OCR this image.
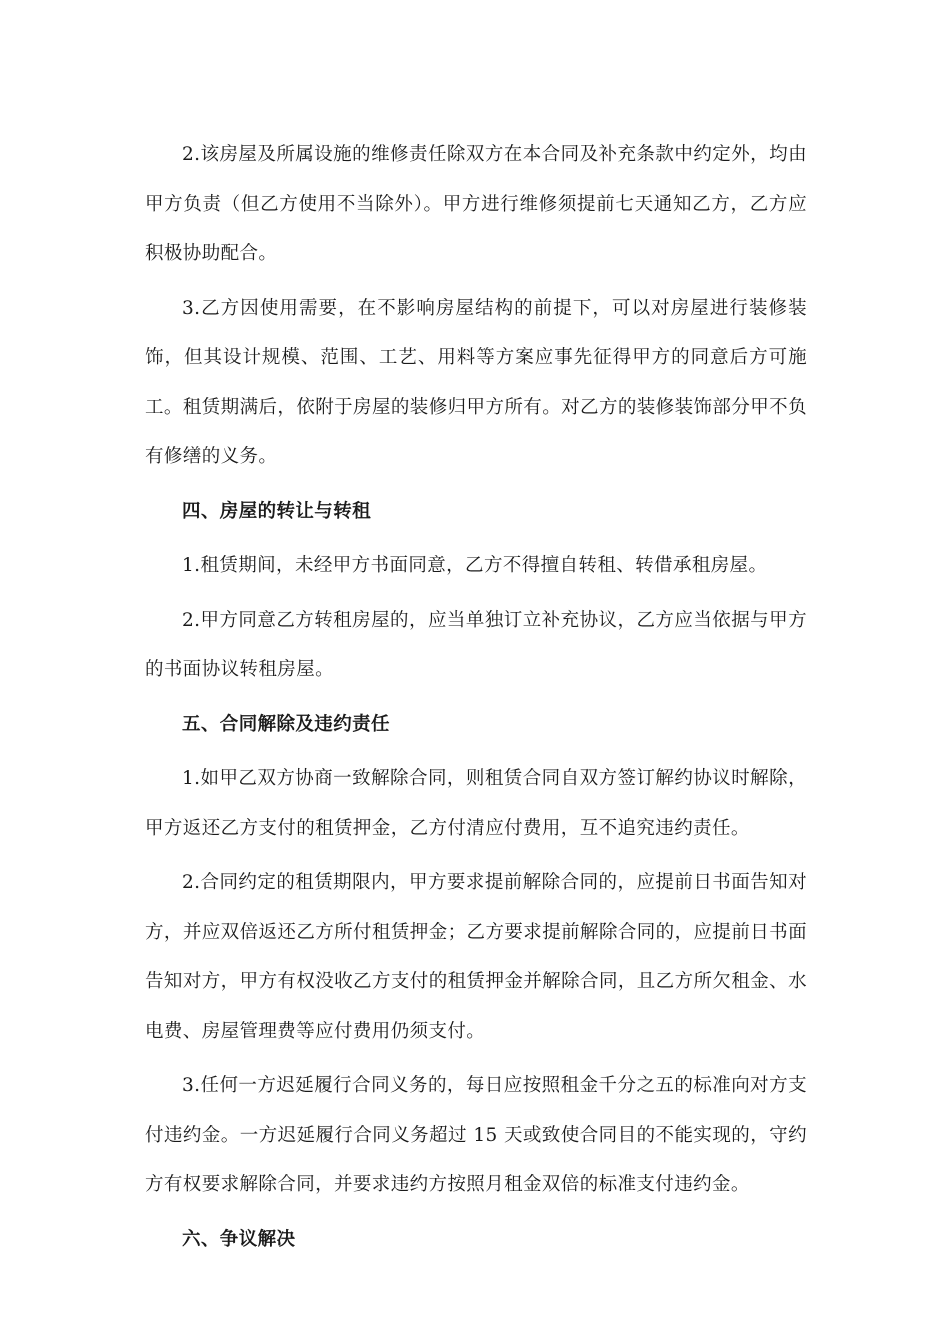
2.该房屋及所属设施的维修责任除双方在本合同及补充条款中约定外，均由甲方负责（但乙方使用不当除外）。甲方进行维修须提前七天通知乙方，乙方应积极协助配合。

3.乙方因使用需要，在不影响房屋结构的前提下，可以对房屋进行装修装饰，但其设计规模、范围、工艺、用料等方案应事先征得甲方的同意后方可施工。租赁期满后，依附于房屋的装修归甲方所有。对乙方的装修装饰部分甲不负有修缮的义务。

四、房屋的转让与转租

1.租赁期间，未经甲方书面同意，乙方不得擅自转租、转借承租房屋。

2.甲方同意乙方转租房屋的，应当单独订立补充协议，乙方应当依据与甲方的书面协议转租房屋。

五、合同解除及违约责任

1.如甲乙双方协商一致解除合同，则租赁合同自双方签订解约协议时解除，甲方返还乙方支付的租赁押金，乙方付清应付费用，互不追究违约责任。

2.合同约定的租赁期限内，甲方要求提前解除合同的，应提前日书面告知对方，并应双倍返还乙方所付租赁押金；乙方要求提前解除合同的，应提前日书面告知对方，甲方有权没收乙方支付的租赁押金并解除合同，且乙方所欠租金、水电费、房屋管理费等应付费用仍须支付。

3.任何一方迟延履行合同义务的，每日应按照租金千分之五的标准向对方支付违约金。一方迟延履行合同义务超过 15 天或致使合同目的不能实现的，守约方有权要求解除合同，并要求违约方按照月租金双倍的标准支付违约金。

六、争议解决
